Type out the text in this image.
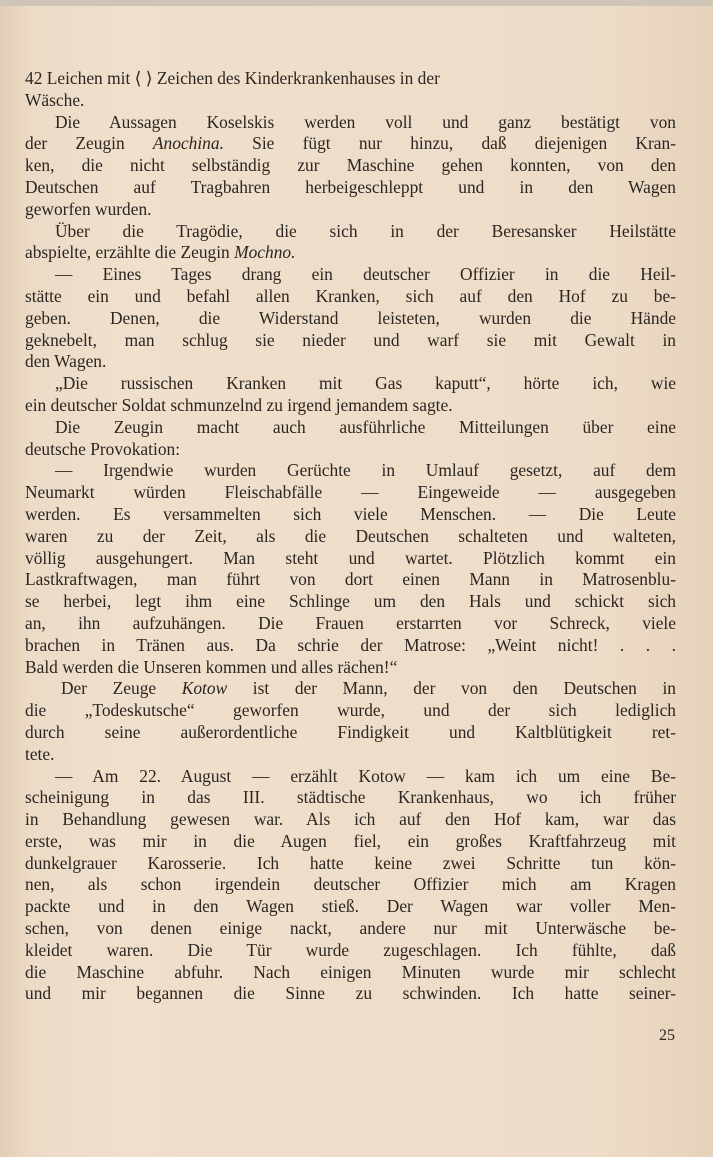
42 Leichen mit ⟨ ⟩ Zeichen des Kinderkrankenhauses in der
Wäsche.
Die Aussagen Koselskis werden voll und ganz bestätigt von
der Zeugin Anochina. Sie fügt nur hinzu, daß diejenigen Kran-
ken, die nicht selbständig zur Maschine gehen konnten, von den
Deutschen auf Tragbahren herbeigeschleppt und in den Wagen
geworfen wurden.
Über die Tragödie, die sich in der Beresansker Heilstätte
abspielte, erzählte die Zeugin Mochno.
— Eines Tages drang ein deutscher Offizier in die Heil-
stätte ein und befahl allen Kranken, sich auf den Hof zu be-
geben. Denen, die Widerstand leisteten, wurden die Hände
geknebelt, man schlug sie nieder und warf sie mit Gewalt in
den Wagen.
„Die russischen Kranken mit Gas kaputt“, hörte ich, wie
ein deutscher Soldat schmunzelnd zu irgend jemandem sagte.
Die Zeugin macht auch ausführliche Mitteilungen über eine
deutsche Provokation:
— Irgendwie wurden Gerüchte in Umlauf gesetzt, auf dem
Neumarkt würden Fleischabfälle — Eingeweide — ausgegeben
werden. Es versammelten sich viele Menschen. — Die Leute
waren zu der Zeit, als die Deutschen schalteten und walteten,
völlig ausgehungert. Man steht und wartet. Plötzlich kommt ein
Lastkraftwagen, man führt von dort einen Mann in Matrosenblu-
se herbei, legt ihm eine Schlinge um den Hals und schickt sich
an, ihn aufzuhängen. Die Frauen erstarrten vor Schreck, viele
brachen in Tränen aus. Da schrie der Matrose: „Weint nicht! . . .
Bald werden die Unseren kommen und alles rächen!“
Der Zeuge Kotow ist der Mann, der von den Deutschen in
die „Todeskutsche“ geworfen wurde, und der sich lediglich
durch seine außerordentliche Findigkeit und Kaltblütigkeit ret-
tete.
— Am 22. August — erzählt Kotow — kam ich um eine Be-
scheinigung in das III. städtische Krankenhaus, wo ich früher
in Behandlung gewesen war. Als ich auf den Hof kam, war das
erste, was mir in die Augen fiel, ein großes Kraftfahrzeug mit
dunkelgrauer Karosserie. Ich hatte keine zwei Schritte tun kön-
nen, als schon irgendein deutscher Offizier mich am Kragen
packte und in den Wagen stieß. Der Wagen war voller Men-
schen, von denen einige nackt, andere nur mit Unterwäsche be-
kleidet waren. Die Tür wurde zugeschlagen. Ich fühlte, daß
die Maschine abfuhr. Nach einigen Minuten wurde mir schlecht
und mir begannen die Sinne zu schwinden. Ich hatte seiner-
25
